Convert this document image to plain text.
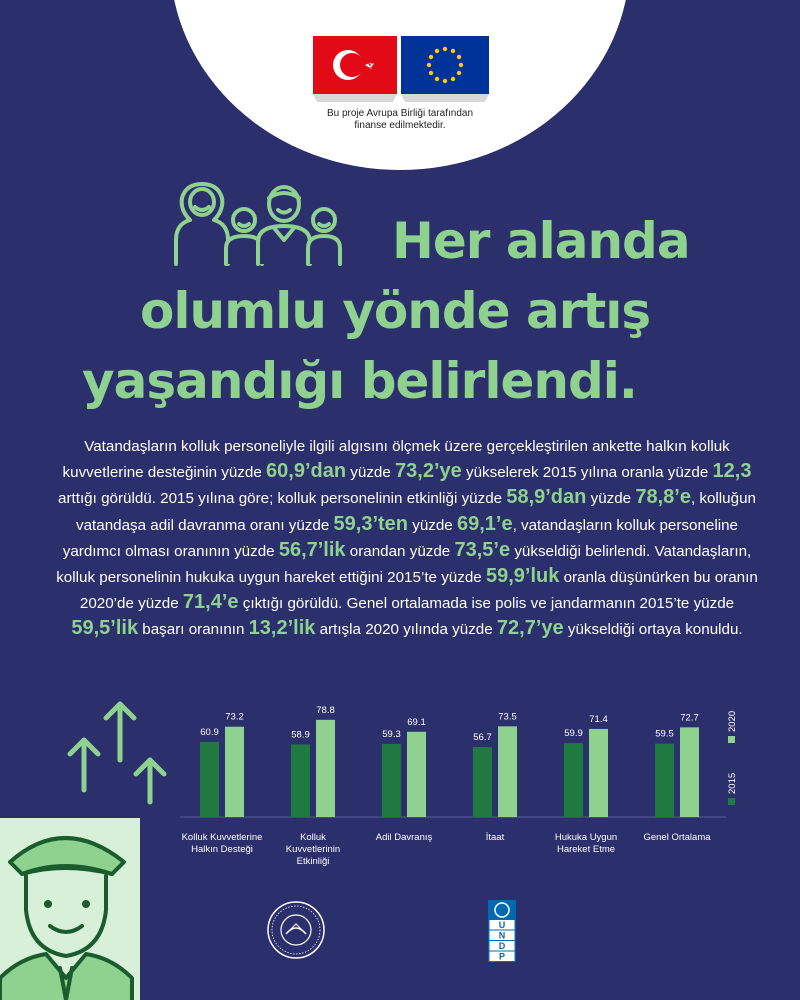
Bu proje Avrupa Birliği tarafından
finanse edilmektedir.
Her alanda
olumlu yönde artış
yaşandığı belirlendi.
Vatandaşların kolluk personeliyle ilgili algısını ölçmek üzere gerçekleştirilen ankette halkın kolluk kuvvetlerine desteğinin yüzde 60,9’dan yüzde 73,2’ye yükselerek 2015 yılına oranla yüzde 12,3 arttığı görüldü. 2015 yılına göre; kolluk personelinin etkinliği yüzde 58,9’dan yüzde 78,8’e, kolluğun vatandaşa adil davranma oranı yüzde 59,3’ten yüzde 69,1’e, vatandaşların kolluk personeline yardımcı olması oranının yüzde 56,7’lik orandan yüzde 73,5’e yükseldiği belirlendi. Vatandaşların, kolluk personelinin hukuka uygun hareket ettiğini 2015’te yüzde 59,9’luk oranla düşünürken bu oranın 2020’de yüzde 71,4’e çıktığı görüldü. Genel ortalamada ise polis ve jandarmanın 2015’te yüzde 59,5’lik başarı oranının 13,2’lik artışla 2020 yılında yüzde 72,7’ye yükseldiği ortaya konuldu.
60.9
73.2
Kolluk Kuvvetlerine
Halkın Desteği
58.9
78.8
Kolluk
Kuvvetlerinin
Etkinliği
59.3
69.1
Adil Davranış
56.7
73.5
İtaat
59.9
71.4
Hukuka Uygun
Hareket Etme
59.5
72.7
Genel Ortalama
2015
2020
U
N
D
P
